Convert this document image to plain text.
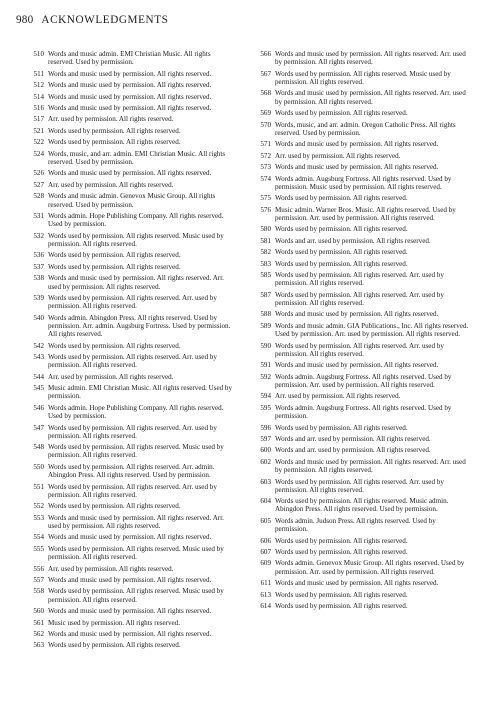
980 ACKNOWLEDGMENTS
510 Words and music admin. EMI Christian Music. All rights reserved. Used by permission.
511 Words and music used by permission. All rights reserved.
512 Words and music used by permission. All rights reserved.
514 Words and music used by permission. All rights reserved.
516 Words and music used by permission. All rights reserved.
517 Arr. used by permission. All rights reserved.
521 Words used by permission. All rights reserved.
522 Words used by permission. All rights reserved.
524 Words, music, and arr. admin. EMI Christian Music. All rights reserved. Used by permission.
526 Words and music used by permission. All rights reserved.
527 Arr. used by permission. All rights reserved.
528 Words and music admin. Genevox Music Group. All rights reserved. Used by permission.
531 Words admin. Hope Publishing Company. All rights reserved. Used by permission.
532 Words used by permission. All rights reserved. Music used by permission. All rights reserved.
536 Words used by permission. All rights reserved.
537 Words used by permission. All rights reserved.
538 Words and music used by permission. All rights reserved. Arr. used by permission. All rights reserved.
539 Words used by permission. All rights reserved. Arr. used by permission. All rights reserved.
540 Words admin. Abingdon Press. All rights reserved. Used by permission. Arr. admin. Augsburg Fortress. Used by permission. All rights reserved.
542 Words used by permission. All rights reserved.
543 Words used by permission. All rights reserved. Arr. used by permission. All rights reserved.
544 Arr. used by permission. All rights reserved.
545 Music admin. EMI Christian Music. All rights reserved. Used by permission.
546 Words admin. Hope Publishing Company. All rights reserved. Used by permission.
547 Words used by permission. All rights reserved. Arr. used by permission. All rights reserved.
548 Words used by permission. All rights reserved. Music used by permission. All rights reserved.
550 Words used by permission. All rights reserved. Arr. admin. Abingdon Press. All rights reserved. Used by permission.
551 Words used by permission. All rights reserved. Arr. used by permission. All rights reserved.
552 Words used by permission. All rights reserved.
553 Words and music used by permission. All rights reserved. Arr. used by permission. All rights reserved.
554 Words and music used by permission. All rights reserved.
555 Words used by permission. All rights reserved. Music used by permission. All rights reserved.
556 Arr. used by permission. All rights reserved.
557 Words and music used by permission. All rights reserved.
558 Words used by permission. All rights reserved. Music used by permission. All rights reserved.
560 Words and music used by permission. All rights reserved.
561 Music used by permission. All rights reserved.
562 Words and music used by permission. All rights reserved.
563 Words used by permission. All rights reserved.
566 Words and music used by permission. All rights reserved. Arr. used by permission. All rights reserved.
567 Words used by permission. All rights reserved. Music used by permission. All rights reserved.
568 Words and music used by permission. All rights reserved. Arr. used by permission. All rights reserved.
569 Words used by permission. All rights reserved.
570 Words, music, and arr. admin. Oregon Catholic Press. All rights reserved. Used by permission.
571 Words and music used by permission. All rights reserved.
572 Arr. used by permission. All rights reserved.
573 Words and music used by permission. All rights reserved.
574 Words admin. Augsburg Fortress. All rights reserved. Used by permission. Music used by permission. All rights reserved.
575 Words used by permission. All rights reserved.
576 Music admin. Warner Bros. Music. All rights reserved. Used by permission. Arr. used by permission. All rights reserved.
580 Words used by permission. All rights reserved.
581 Words and arr. used by permission. All rights reserved.
582 Words used by permission. All rights reserved.
583 Words used by permission. All rights reserved.
585 Words used by permission. All rights reserved. Arr. used by permission. All rights reserved.
587 Words used by permission. All rights reserved. Arr. used by permission. All rights reserved.
588 Words and music used by permission. All rights reserved.
589 Words and music admin. GIA Publications., Inc. All rights reserved. Used by permission. Arr. used by permission. All rights reserved.
590 Words used by permission. All rights reserved. Arr. used by permission. All rights reserved.
591 Words and music used by permission. All rights reserved.
592 Words admin. Augsburg Fortress. All rights reserved. Used by permission. Arr. used by permission. All rights reserved.
594 Arr. used by permission. All rights reserved.
595 Words admin. Augsburg Fortress. All rights reserved. Used by permission.
596 Words used by permission. All rights reserved.
597 Words and arr. used by permission. All rights reserved.
600 Words and arr. used by permission. All rights reserved.
602 Words and music used by permission. All rights reserved. Arr. used by permission. All rights reserved.
603 Words used by permission. All rights reserved. Arr. used by permission. All rights reserved.
604 Words used by permission. All rights reserved. Music admin. Abingdon Press. All rights reserved. Used by permission.
605 Words admin. Judson Press. All rights reserved. Used by permission.
606 Words used by permission. All rights reserved.
607 Words used by permission. All rights reserved.
609 Words admin. Genevox Music Group. All rights reserved. Used by permission. Arr. used by permission. All rights reserved.
611 Words and music used by permission. All rights reserved.
613 Words used by permission. All rights reserved.
614 Words used by permission. All rights reserved.
